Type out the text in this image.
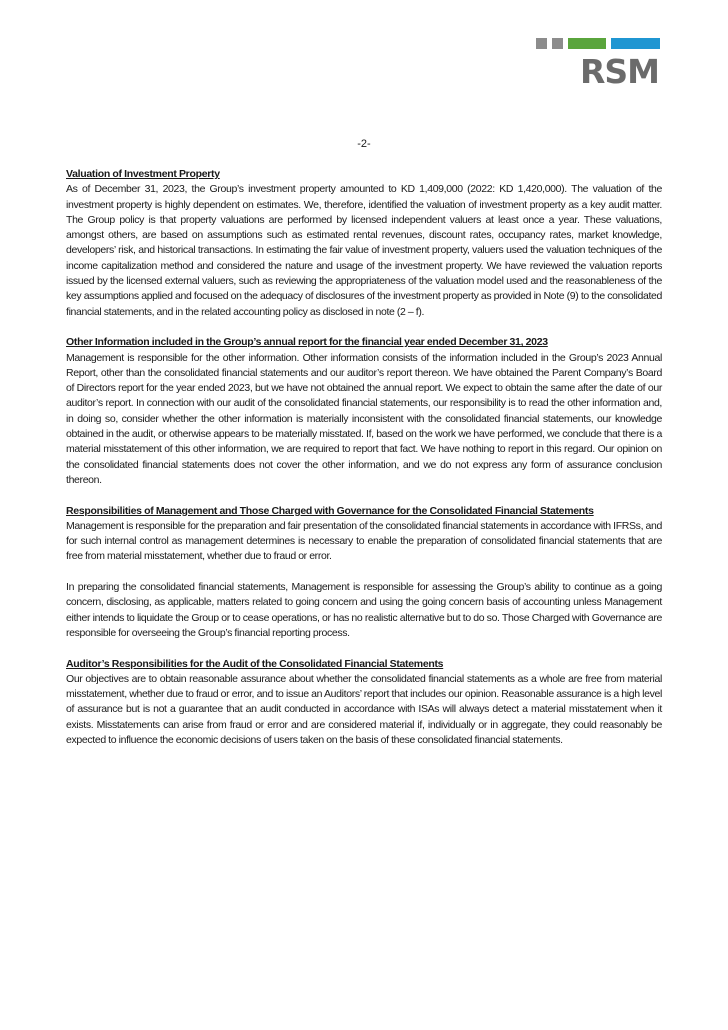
RSM
-2-

Valuation of Investment Property

As of December 31, 2023, the Group’s investment property amounted to KD 1,409,000 (2022: KD 1,420,000). The valuation of the investment property is highly dependent on estimates. We, therefore, identified the valuation of investment property as a key audit matter. The Group policy is that property valuations are performed by licensed independent valuers at least once a year. These valuations, amongst others, are based on assumptions such as estimated rental revenues, discount rates, occupancy rates, market knowledge, developers’ risk, and historical transactions. In estimating the fair value of investment property, valuers used the valuation techniques of the income capitalization method and considered the nature and usage of the investment property. We have reviewed the valuation reports issued by the licensed external valuers, such as reviewing the appropriateness of the valuation model used and the reasonableness of the key assumptions applied and focused on the adequacy of disclosures of the investment property as provided in Note (9) to the consolidated financial statements, and in the related accounting policy as disclosed in note (2 – f).

Other Information included in the Group’s annual report for the financial year ended December 31, 2023

Management is responsible for the other information. Other information consists of the information included in the Group’s 2023 Annual Report, other than the consolidated financial statements and our auditor’s report thereon. We have obtained the Parent Company’s Board of Directors report for the year ended 2023, but we have not obtained the annual report. We expect to obtain the same after the date of our auditor’s report. In connection with our audit of the consolidated financial statements, our responsibility is to read the other information and, in doing so, consider whether the other information is materially inconsistent with the consolidated financial statements, our knowledge obtained in the audit, or otherwise appears to be materially misstated. If, based on the work we have performed, we conclude that there is a material misstatement of this other information, we are required to report that fact. We have nothing to report in this regard. Our opinion on the consolidated financial statements does not cover the other information, and we do not express any form of assurance conclusion thereon.

Responsibilities of Management and Those Charged with Governance for the Consolidated Financial Statements

Management is responsible for the preparation and fair presentation of the consolidated financial statements in accordance with IFRSs, and for such internal control as management determines is necessary to enable the preparation of consolidated financial statements that are free from material misstatement, whether due to fraud or error.

In preparing the consolidated financial statements, Management is responsible for assessing the Group’s ability to continue as a going concern, disclosing, as applicable, matters related to going concern and using the going concern basis of accounting unless Management either intends to liquidate the Group or to cease operations, or has no realistic alternative but to do so. Those Charged with Governance are responsible for overseeing the Group’s financial reporting process.

Auditor’s Responsibilities for the Audit of the Consolidated Financial Statements

Our objectives are to obtain reasonable assurance about whether the consolidated financial statements as a whole are free from material misstatement, whether due to fraud or error, and to issue an Auditors’ report that includes our opinion. Reasonable assurance is a high level of assurance but is not a guarantee that an audit conducted in accordance with ISAs will always detect a material misstatement when it exists. Misstatements can arise from fraud or error and are considered material if, individually or in aggregate, they could reasonably be expected to influence the economic decisions of users taken on the basis of these consolidated financial statements.
